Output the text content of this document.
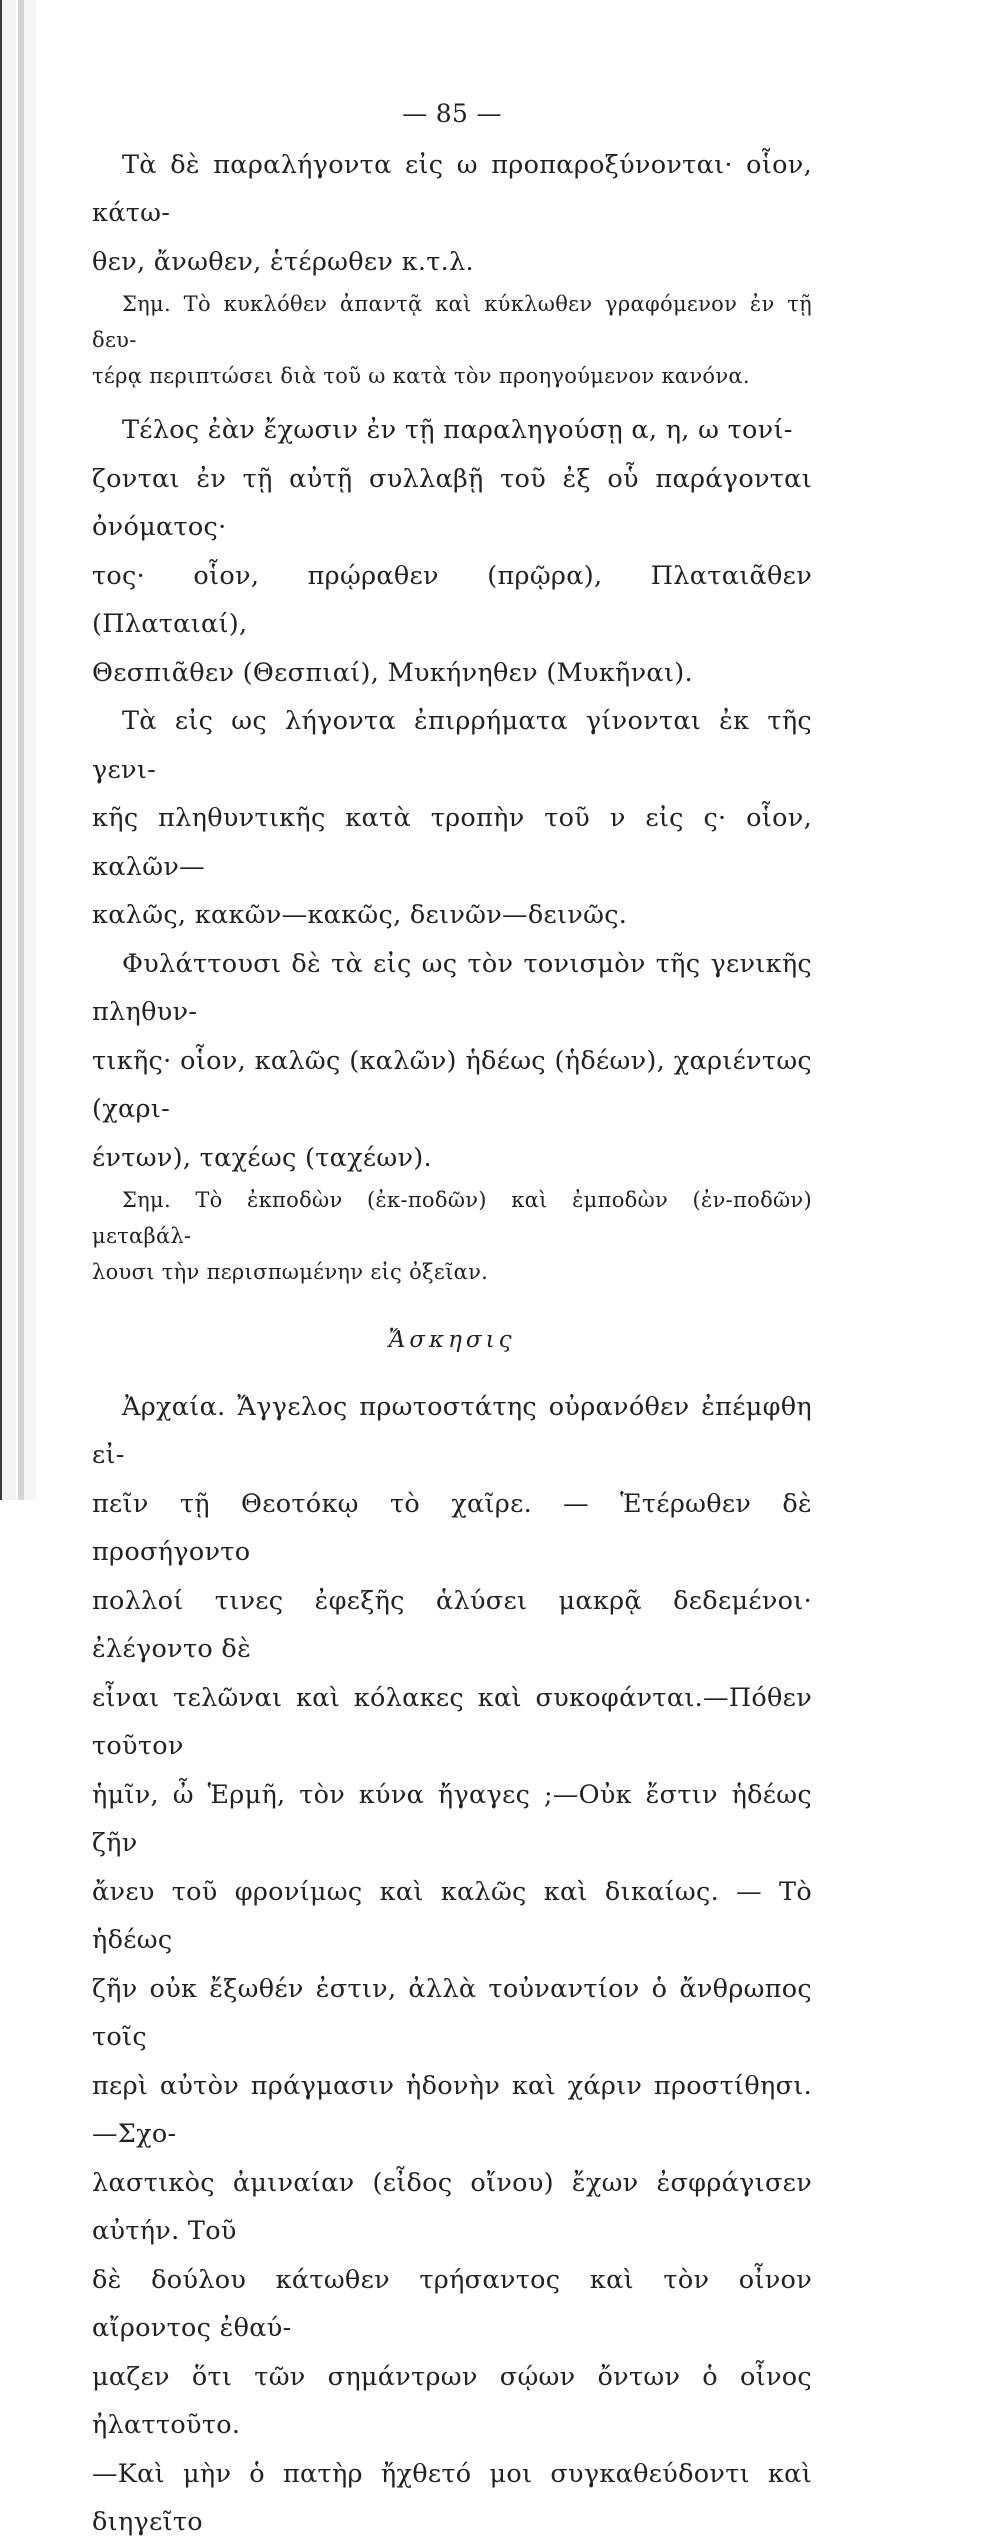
— 85 —

Τὰ δὲ παραλήγοντα εἰς ω προπαροξύνονται· οἷον, κάτω-

θεν, ἄνωθεν, ἑτέρωθεν κ.τ.λ.

Σημ. Τὸ κυκλόθεν ἀπαντᾷ καὶ κύκλωθεν γραφόμενον ἐν τῇ δευ-

τέρᾳ περιπτώσει διὰ τοῦ ω κατὰ τὸν προηγούμενον κανόνα.

Τέλος ἐὰν ἔχωσιν ἐν τῇ παραληγούσῃ α, η, ω τονί-

ζονται ἐν τῇ αὐτῇ συλλαβῇ τοῦ ἐξ οὗ παράγονται ὀνόματος·

τος· οἷον, πρῴραθεν (πρῷρα), Πλαταιᾶθεν (Πλαταιαί),

Θεσπιᾶθεν (Θεσπιαί), Μυκήνηθεν (Μυκῆναι).

Τὰ εἰς ως λήγοντα ἐπιρρήματα γίνονται ἐκ τῆς γενι-

κῆς πληθυντικῆς κατὰ τροπὴν τοῦ ν εἰς ς· οἷον, καλῶν—

καλῶς, κακῶν—κακῶς, δεινῶν—δεινῶς.

Φυλάττουσι δὲ τὰ εἰς ως τὸν τονισμὸν τῆς γενικῆς πληθυν-

τικῆς· οἷον, καλῶς (καλῶν) ἡδέως (ἡδέων), χαριέντως (χαρι-

έντων), ταχέως (ταχέων).

Σημ. Τὸ ἐκποδὼν (ἐκ-ποδῶν) καὶ ἐμποδὼν (ἐν-ποδῶν) μεταβάλ-

λουσι τὴν περισπωμένην εἰς ὀξεῖαν.

Ἄσκησις

Ἀρχαία. Ἄγγελος πρωτοστάτης οὐρανόθεν ἐπέμφθη εἰ-

πεῖν τῇ Θεοτόκῳ τὸ χαῖρε. — Ἑτέρωθεν δὲ προσήγοντο

πολλοί τινες ἐφεξῆς ἁλύσει μακρᾷ δεδεμένοι· ἐλέγοντο δὲ

εἶναι τελῶναι καὶ κόλακες καὶ συκοφάνται.—Πόθεν τοῦτον

ἡμῖν, ὦ Ἑρμῆ, τὸν κύνα ἤγαγες ;—Οὐκ ἔστιν ἡδέως ζῆν

ἄνευ τοῦ φρονίμως καὶ καλῶς καὶ δικαίως. — Τὸ ἡδέως

ζῆν οὐκ ἔξωθέν ἐστιν, ἀλλὰ τοὐναντίον ὁ ἄνθρωπος τοῖς

περὶ αὐτὸν πράγμασιν ἡδονὴν καὶ χάριν προστίθησι.—Σχο-

λαστικὸς ἀμιναίαν (εἶδος οἴνου) ἔχων ἐσφράγισεν αὐτήν. Τοῦ

δὲ δούλου κάτωθεν τρήσαντος καὶ τὸν οἶνον αἴροντος ἐθαύ-

μαζεν ὅτι τῶν σημάντρων σῴων ὄντων ὁ οἶνος ἠλαττοῦτο.

—Καὶ μὴν ὁ πατὴρ ἤχθετό μοι συγκαθεύδοντι καὶ διηγεῖτο
